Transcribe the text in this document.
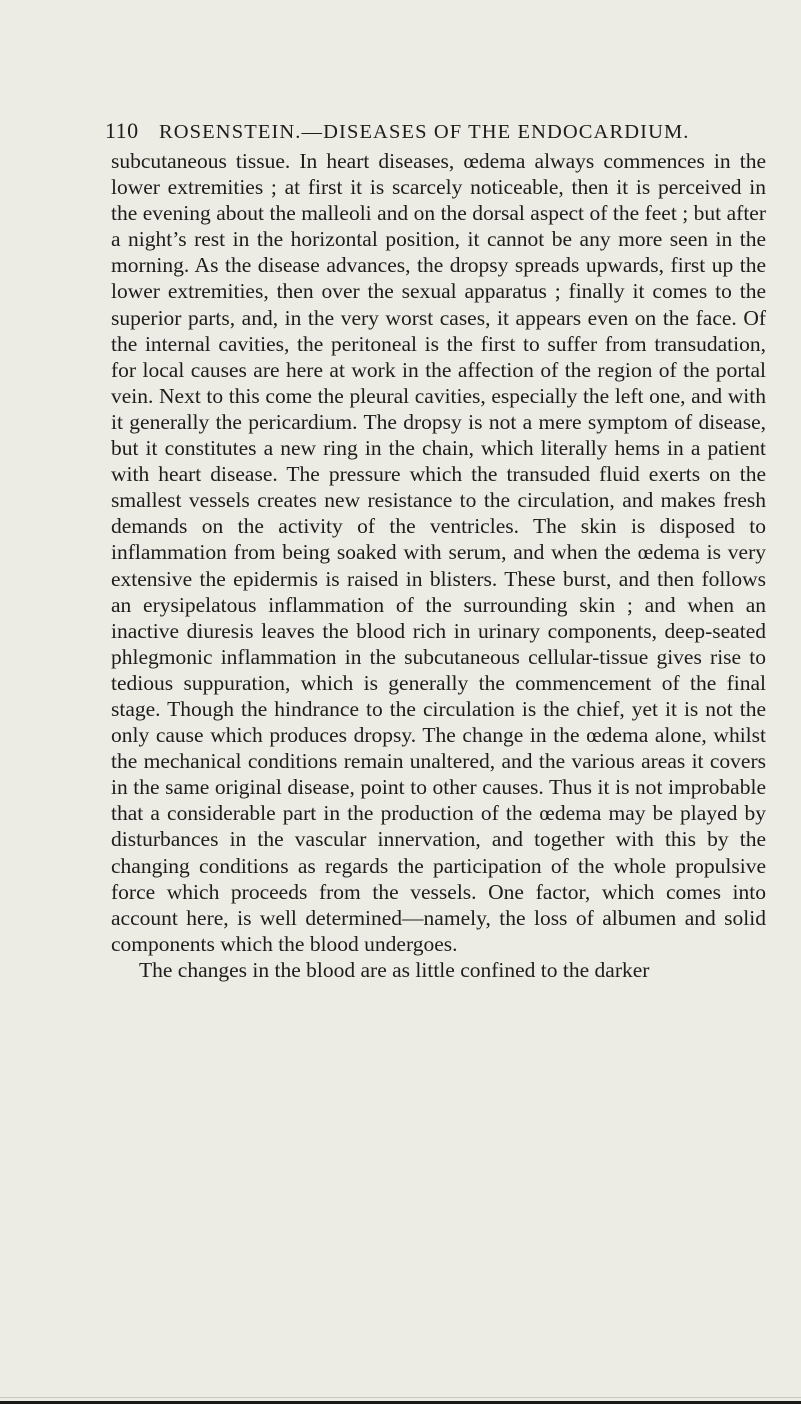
110 ROSENSTEIN.—DISEASES OF THE ENDOCARDIUM.

subcutaneous tissue. In heart diseases, œdema always commences in the lower extremities ; at first it is scarcely noticeable, then it is perceived in the evening about the malleoli and on the dorsal aspect of the feet ; but after a night’s rest in the horizontal position, it cannot be any more seen in the morning. As the disease advances, the dropsy spreads upwards, first up the lower extremities, then over the sexual apparatus ; finally it comes to the superior parts, and, in the very worst cases, it appears even on the face. Of the internal cavities, the peritoneal is the first to suffer from transudation, for local causes are here at work in the affection of the region of the portal vein. Next to this come the pleural cavities, especially the left one, and with it generally the pericardium. The dropsy is not a mere symptom of disease, but it constitutes a new ring in the chain, which literally hems in a patient with heart disease. The pressure which the transuded fluid exerts on the smallest vessels creates new resistance to the circulation, and makes fresh demands on the activity of the ventricles. The skin is disposed to inflammation from being soaked with serum, and when the œdema is very extensive the epidermis is raised in blisters. These burst, and then follows an erysipelatous inflammation of the surrounding skin ; and when an inactive diuresis leaves the blood rich in urinary components, deep-seated phlegmonic inflammation in the subcutaneous cellular-tissue gives rise to tedious suppuration, which is generally the commencement of the final stage. Though the hindrance to the circulation is the chief, yet it is not the only cause which produces dropsy. The change in the œdema alone, whilst the mechanical conditions remain unaltered, and the various areas it covers in the same original disease, point to other causes. Thus it is not improbable that a considerable part in the production of the œdema may be played by disturbances in the vascular innervation, and together with this by the changing conditions as regards the participation of the whole propulsive force which proceeds from the vessels. One factor, which comes into account here, is well determined—namely, the loss of albumen and solid components which the blood undergoes.

The changes in the blood are as little confined to the darker
